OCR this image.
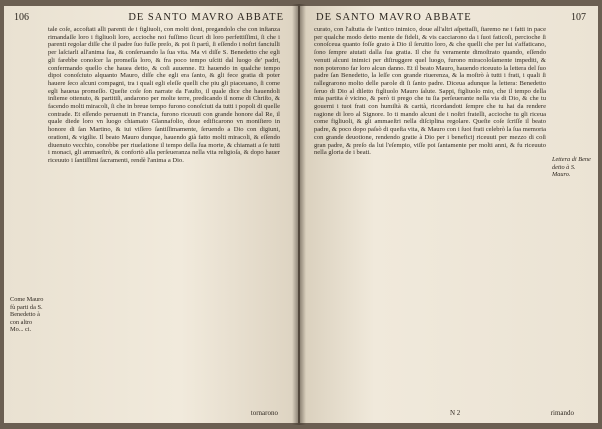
106	DE SANTO MAVRO ABBATE
Come Mauro fù parti da S. Benedetto à con altro Mo... ci.

tale coſe, accoſtati alli parenti de i figliuoli, con molti doni, pregandolo che con inſtanza rimandaſſe loro i figliuoli loro, accioche noi fuſſimo ſicuri di loro perfettiſſimi, ſi che i parenti regolar diſſe che il padre ſuo fuſſe preſo, & poi ſi partì, ſi eſſendo i noſtri fanciulli per laſciarli all'anima ſua, & conſeruando la ſua vita. Ma vi diſſe S. Benedetto che egli gli farebbe conoſcer la promeſſa loro, & fra poco tempo uſciti dal luogo de' padri, confermando quello che hauea detto, & coſi auuenne. Et hauendo in qualche tempo dipoi conoſciuto alquanto Mauro, diſſe che egli era ſanto, & gli fece gratia di poter hauere ſeco alcuni compagni, tra i quali egli eleſſe quelli che piu gli piaceuano, ſi come egli haueua promeſſo. Queſte coſe ſon narrate da Fauſto, il quale dice che hauendoli inſieme ottenuto, & partitiſi, andarono per molte terre, predicando il nome di Chriſto, & facendo molti miracoli, ſi che in breue tempo furono conoſciuti da tutti i popoli di quelle contrade. Et eſſendo peruenuti in Francia, furono riceuuti con grande honore dal Re, il quale diede loro vn luogo chiamato Glannafolio, doue edificarono vn moniſtero in honore di ſan Martino, & iui viſſero ſantiſſimamente, ſeruendo a Dio con digiuni, orationi, & vigilie. Il beato Mauro dunque, hauendo già fatto molti miracoli, & eſſendo diuenuto vecchio, conobbe per riuelatione il tempo della ſua morte, & chiamati a ſe tutti i monaci, gli ammaeſtrò, & confortò alla perſeueranza nella vita religioſa, & dopo hauer riceuuto i ſantiſſimi ſacramenti, rendè l'anima a Dio.

tornarono
DE SANTO MAVRO ABBATE	107

curato, con l'aſtutia de l'antico inimico, doue all'altri aſpettaſſi, ſtaremo ne i fatti in pace per qualche modo detto mente de fideli, & vis cacciarono da i ſuoi faticoſi, percioche ſi conoſceua quanto foſſe grato à Dio il ſeruitio loro, & che quelli che per lui s'affaticano, ſono ſempre aiutati dalla ſua gratia. Il che fu veramente dimoſtrato quando, eſſendo venuti alcuni inimici per diſtruggere quel luogo, furono miracoloſamente impediti, & non poterono far loro alcun danno. Et il beato Mauro, hauendo riceuuto la lettera del ſuo padre ſan Benedetto, la leſſe con grande riuerenza, & la moſtrò à tutti i frati, i quali ſi rallegrarono molto delle parole di ſi ſanto padre. Diceua adunque la lettera: Benedetto ſeruo di Dio al diletto figliuolo Mauro ſalute. Sappi, figliuolo mio, che il tempo della mia partita è vicino, & però ti prego che tu ſia perſeuerante nella via di Dio, & che tu gouerni i tuoi frati con humiltà & carità, ricordandoti ſempre che tu hai da rendere ragione di loro al Signore. Io ti mando alcuni de i noſtri fratelli, accioche tu gli riceua come figliuoli, & gli ammaeſtri nella diſciplina regolare. Queſte coſe ſcriſſe il beato padre, & poco dopo paſsò di queſta vita, & Mauro con i ſuoi frati celebrò la ſua memoria con grande deuotione, rendendo gratie à Dio per i beneficij riceuuti per mezzo di coſi gran padre, & preſo da lui l'eſempio, viſſe poi ſantamente per molti anni, & fu riceuuto nella gloria de i beati.

Lettera di Bene detto à S. Mauro.
N 2	rimando
